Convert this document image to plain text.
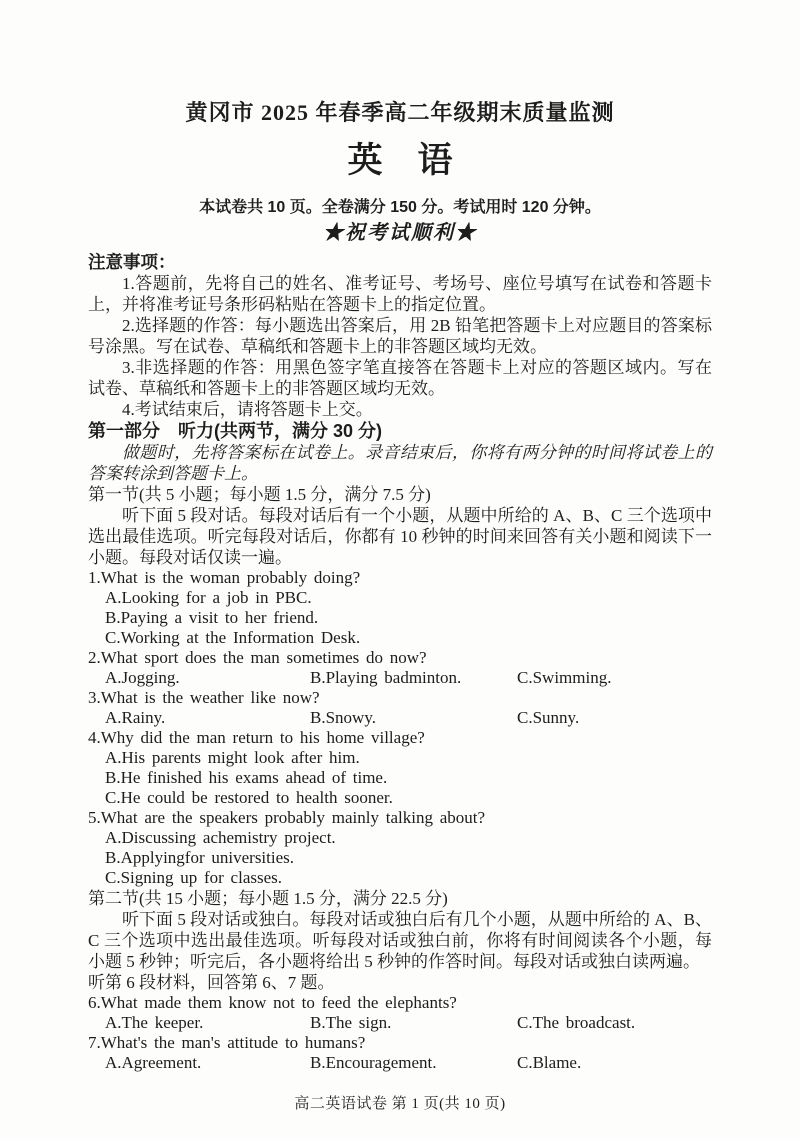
黄冈市 2025 年春季高二年级期末质量监测
英　语
本试卷共 10 页。全卷满分 150 分。考试用时 120 分钟。
★祝考试顺利★
注意事项：

1.答题前，先将自己的姓名、准考证号、考场号、座位号填写在试卷和答题卡上，并将准考证号条形码粘贴在答题卡上的指定位置。

2.选择题的作答：每小题选出答案后，用 2B 铅笔把答题卡上对应题目的答案标号涂黑。写在试卷、草稿纸和答题卡上的非答题区域均无效。

3.非选择题的作答：用黑色签字笔直接答在答题卡上对应的答题区域内。写在试卷、草稿纸和答题卡上的非答题区域均无效。

4.考试结束后，请将答题卡上交。

第一部分　听力(共两节，满分 30 分)

做题时，先将答案标在试卷上。录音结束后，你将有两分钟的时间将试卷上的答案转涂到答题卡上。

第一节(共 5 小题；每小题 1.5 分，满分 7.5 分)

听下面 5 段对话。每段对话后有一个小题，从题中所给的 A、B、C 三个选项中选出最佳选项。听完每段对话后，你都有 10 秒钟的时间来回答有关小题和阅读下一小题。每段对话仅读一遍。

1.What is the woman probably doing?
A.Looking for a job in PBC.
B.Paying a visit to her friend.
C.Working at the Information Desk.
2.What sport does the man sometimes do now?
A.Jogging.	B.Playing badminton.	C.Swimming.
3.What is the weather like now?
A.Rainy.	B.Snowy.	C.Sunny.
4.Why did the man return to his home village?
A.His parents might look after him.
B.He finished his exams ahead of time.
C.He could be restored to health sooner.
5.What are the speakers probably mainly talking about?
A.Discussing achemistry project.
B.Applyingfor universities.
C.Signing up for classes.
第二节(共 15 小题；每小题 1.5 分，满分 22.5 分)

听下面 5 段对话或独白。每段对话或独白后有几个小题，从题中所给的 A、B、C 三个选项中选出最佳选项。听每段对话或独白前，你将有时间阅读各个小题，每小题 5 秒钟；听完后，各小题将给出 5 秒钟的作答时间。每段对话或独白读两遍。

听第 6 段材料，回答第 6、7 题。
6.What made them know not to feed the elephants?
A.The keeper.	B.The sign.	C.The broadcast.
7.What's the man's attitude to humans?
A.Agreement.	B.Encouragement.	C.Blame.
高二英语试卷 第 1 页(共 10 页)
